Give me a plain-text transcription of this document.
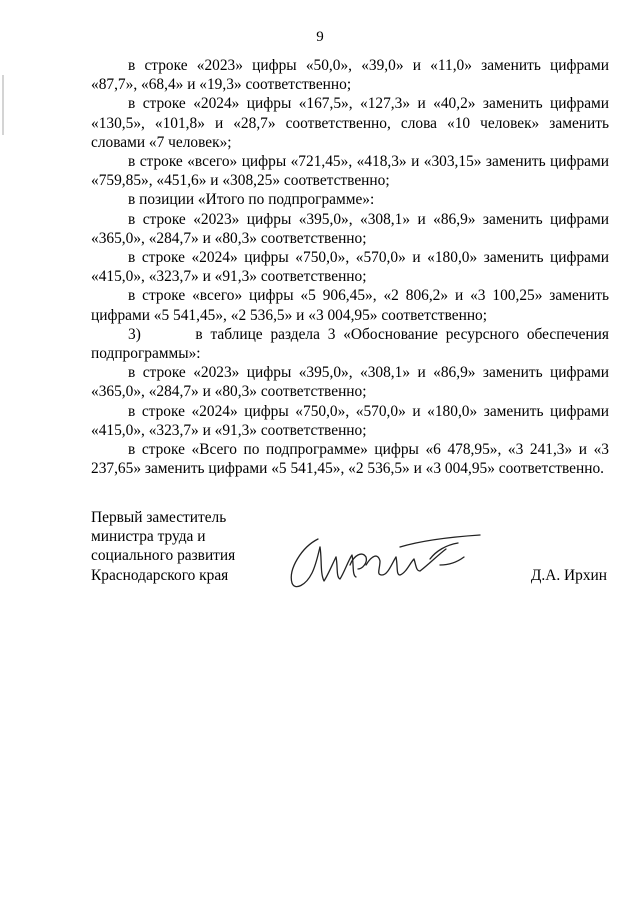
9

в строке «2023» цифры «50,0», «39,0» и «11,0» заменить цифрами «87,7», «68,4» и «19,3» соответственно;

в строке «2024» цифры «167,5», «127,3» и «40,2» заменить цифрами «130,5», «101,8» и «28,7» соответственно, слова «10 человек» заменить словами «7 человек»;

в строке «всего» цифры «721,45», «418,3» и «303,15» заменить цифрами «759,85», «451,6» и «308,25» соответственно;

в позиции «Итого по подпрограмме»:

в строке «2023» цифры «395,0», «308,1» и «86,9» заменить цифрами «365,0», «284,7» и «80,3» соответственно;

в строке «2024» цифры «750,0», «570,0» и «180,0» заменить цифрами «415,0», «323,7» и «91,3» соответственно;

в строке «всего» цифры «5 906,45», «2 806,2» и «3 100,25» заменить цифрами «5 541,45», «2 536,5» и «3 004,95» соответственно;

3)       в таблице раздела 3 «Обоснование ресурсного обеспечения подпрограммы»:

в строке «2023» цифры «395,0», «308,1» и «86,9» заменить цифрами «365,0», «284,7» и «80,3» соответственно;

в строке «2024» цифры «750,0», «570,0» и «180,0» заменить цифрами «415,0», «323,7» и «91,3» соответственно;

в строке «Всего по подпрограмме» цифры «6 478,95», «3 241,3» и «3 237,65» заменить цифрами «5 541,45», «2 536,5» и «3 004,95» соответственно.

Первый заместитель
министра труда и
социального развития
Краснодарского края	Д.А. Ирхин
